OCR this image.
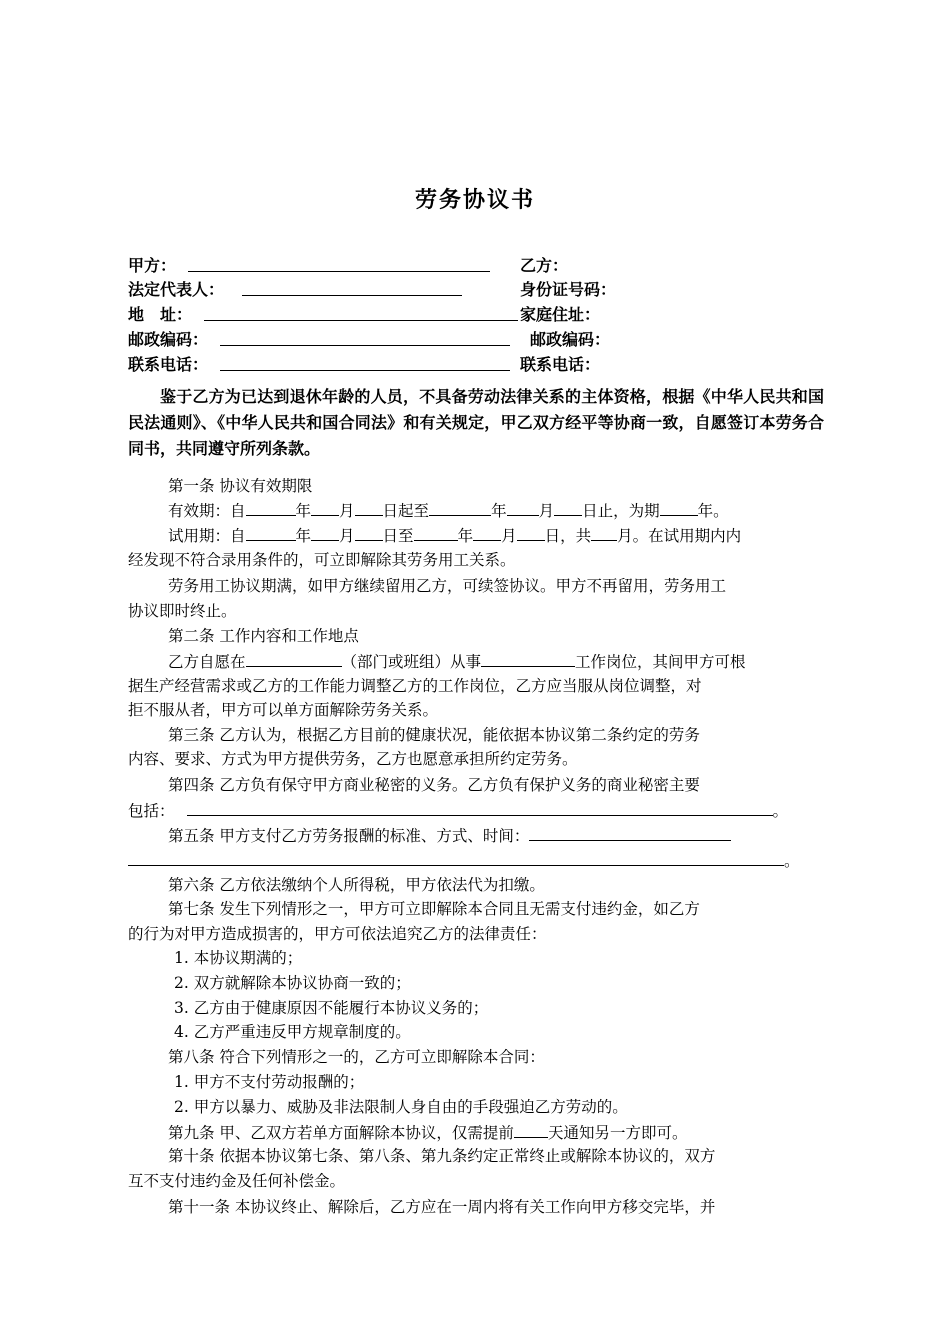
劳务协议书
甲方：	乙方：
法定代表人：	身份证号码：
地　址：	家庭住址：
邮政编码：	邮政编码：
联系电话：	联系电话：

鉴于乙方为已达到退休年龄的人员，不具备劳动法律关系的主体资格，根据《中华人民共和国民法通则》、《中华人民共和国合同法》和有关规定，甲乙双方经平等协商一致，自愿签订本劳务合同书，共同遵守所列条款。

第一条 协议有效期限
有效期：自	年 月 日起至	年 月 日止，为期 年。
试用期：自	年 月 日至	年 月 日，共 月。在试用期内内
经发现不符合录用条件的，可立即解除其劳务用工关系。
劳务用工协议期满，如甲方继续留用乙方，可续签协议。甲方不再留用，劳务用工
协议即时终止。
第二条 工作内容和工作地点
乙方自愿在	（部门或班组）从事	工作岗位，其间甲方可根
据生产经营需求或乙方的工作能力调整乙方的工作岗位，乙方应当服从岗位调整，对
拒不服从者，甲方可以单方面解除劳务关系。
第三条 乙方认为，根据乙方目前的健康状况，能依据本协议第二条约定的劳务
内容、要求、方式为甲方提供劳务，乙方也愿意承担所约定劳务。
第四条 乙方负有保守甲方商业秘密的义务。乙方负有保护义务的商业秘密主要
包括：	。
第五条 甲方支付乙方劳务报酬的标准、方式、时间：
。
第六条 乙方依法缴纳个人所得税，甲方依法代为扣缴。
第七条 发生下列情形之一，甲方可立即解除本合同且无需支付违约金，如乙方
的行为对甲方造成损害的，甲方可依法追究乙方的法律责任：
1. 本协议期满的；
2. 双方就解除本协议协商一致的；
3. 乙方由于健康原因不能履行本协议义务的；
4. 乙方严重违反甲方规章制度的。
第八条 符合下列情形之一的，乙方可立即解除本合同：
1. 甲方不支付劳动报酬的；
2. 甲方以暴力、威胁及非法限制人身自由的手段强迫乙方劳动的。
第九条 甲、乙双方若单方面解除本协议，仅需提前 天通知另一方即可。
第十条 依据本协议第七条、第八条、第九条约定正常终止或解除本协议的，双方
互不支付违约金及任何补偿金。
第十一条 本协议终止、解除后，乙方应在一周内将有关工作向甲方移交完毕，并
